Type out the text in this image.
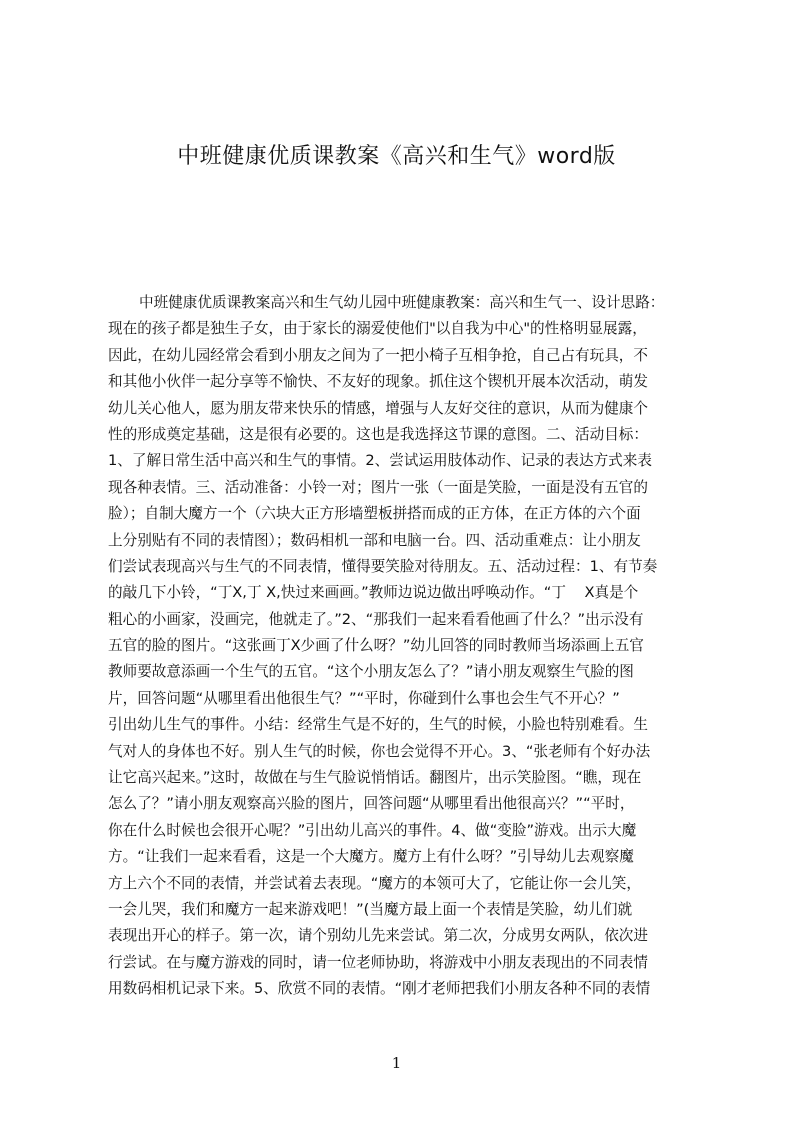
中班健康优质课教案《高兴和生气》word版
中班健康优质课教案高兴和生气幼儿园中班健康教案：高兴和生气一、设计思路：
现在的孩子都是独生子女，由于家长的溺爱使他们"以自我为中心"的性格明显展露，
因此，在幼儿园经常会看到小朋友之间为了一把小椅子互相争抢，自己占有玩具，不
和其他小伙伴一起分享等不愉快、不友好的现象。抓住这个锲机开展本次活动，萌发
幼儿关心他人，愿为朋友带来快乐的情感，增强与人友好交往的意识，从而为健康个
性的形成奠定基础，这是很有必要的。这也是我选择这节课的意图。二、活动目标：
1、了解日常生活中高兴和生气的事情。2、尝试运用肢体动作、记录的表达方式来表
现各种表情。三、活动准备：小铃一对；图片一张（一面是笑脸，一面是没有五官的
脸）；自制大魔方一个（六块大正方形墙塑板拼搭而成的正方体，在正方体的六个面
上分别贴有不同的表情图）；数码相机一部和电脑一台。四、活动重难点：让小朋友
们尝试表现高兴与生气的不同表情，懂得要笑脸对待朋友。五、活动过程：1、有节奏
的敲几下小铃，“丁X,丁 X,快过来画画。”教师边说边做出呼唤动作。“丁    X真是个
粗心的小画家，没画完，他就走了。”2、“那我们一起来看看他画了什么？”出示没有
五官的脸的图片。“这张画丁X少画了什么呀？”幼儿回答的同时教师当场添画上五官
教师要故意添画一个生气的五官。“这个小朋友怎么了？”请小朋友观察生气脸的图
片，回答问题“从哪里看出他很生气？”“平时，你碰到什么事也会生气不开心？”
引出幼儿生气的事件。小结：经常生气是不好的，生气的时候，小脸也特别难看。生
气对人的身体也不好。别人生气的时候，你也会觉得不开心。3、“张老师有个好办法
让它高兴起来。”这时，故做在与生气脸说悄悄话。翻图片，出示笑脸图。“瞧，现在
怎么了？”请小朋友观察高兴脸的图片，回答问题“从哪里看出他很高兴？”“平时，
你在什么时候也会很开心呢？”引出幼儿高兴的事件。4、做“变脸”游戏。出示大魔
方。“让我们一起来看看，这是一个大魔方。魔方上有什么呀？”引导幼儿去观察魔
方上六个不同的表情，并尝试着去表现。“魔方的本领可大了，它能让你一会儿笑，
一会儿哭，我们和魔方一起来游戏吧！”(当魔方最上面一个表情是笑脸，幼儿们就
表现出开心的样子。第一次，请个别幼儿先来尝试。第二次，分成男女两队，依次进
行尝试。在与魔方游戏的同时，请一位老师协助，将游戏中小朋友表现出的不同表情
用数码相机记录下来。5、欣赏不同的表情。“刚才老师把我们小朋友各种不同的表情
1
